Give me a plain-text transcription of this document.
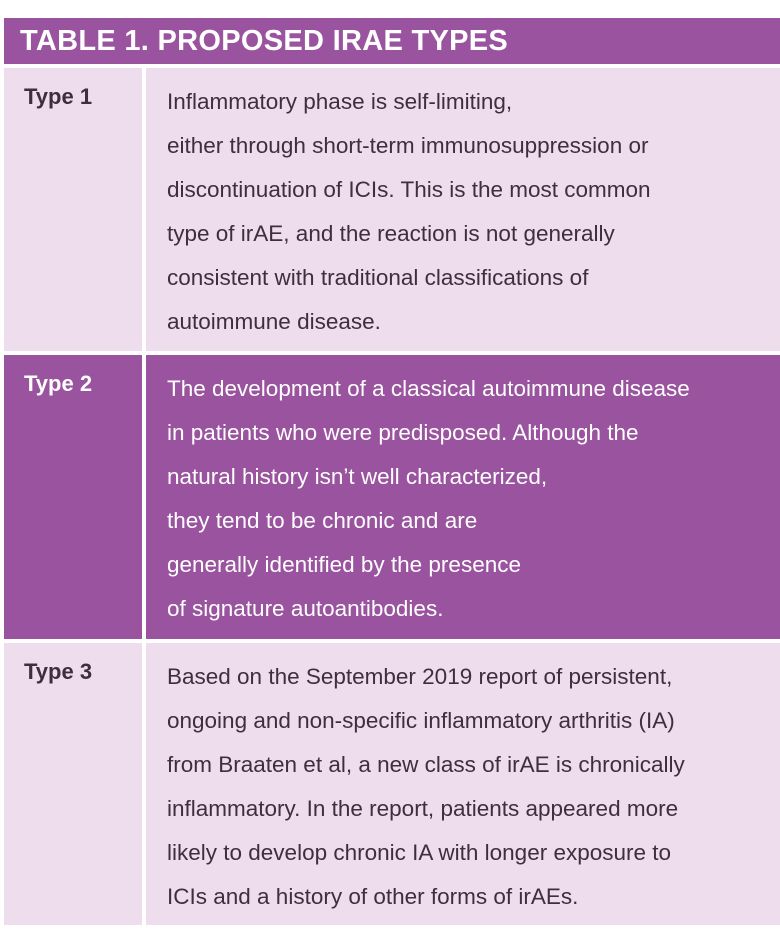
TABLE 1. PROPOSED IRAE TYPES
Type 1	Inflammatory phase is self-limiting,
either through short-term immunosuppression or
discontinuation of ICIs. This is the most common
type of irAE, and the reaction is not generally
consistent with traditional classifications of
autoimmune disease.
Type 2	The development of a classical autoimmune disease
in patients who were predisposed. Although the
natural history isn’t well characterized,
they tend to be chronic and are
generally identified by the presence
of signature autoantibodies.
Type 3	Based on the September 2019 report of persistent,
ongoing and non-specific inflammatory arthritis (IA)
from Braaten et al, a new class of irAE is chronically
inflammatory. In the report, patients appeared more
likely to develop chronic IA with longer exposure to
ICIs and a history of other forms of irAEs.
